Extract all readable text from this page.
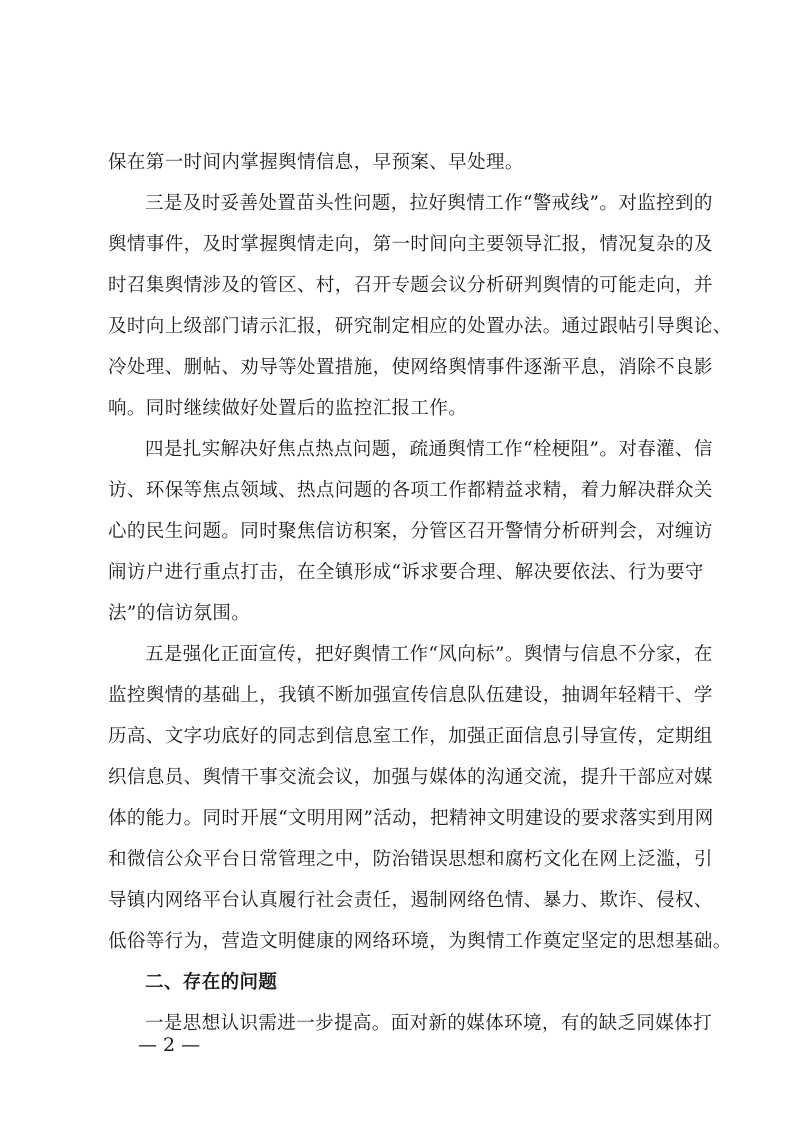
保在第一时间内掌握舆情信息，早预案、早处理。
三是及时妥善处置苗头性问题，拉好舆情工作“警戒线”。对监控到的
舆情事件，及时掌握舆情走向，第一时间向主要领导汇报，情况复杂的及
时召集舆情涉及的管区、村，召开专题会议分析研判舆情的可能走向，并
及时向上级部门请示汇报，研究制定相应的处置办法。通过跟帖引导舆论、
冷处理、删帖、劝导等处置措施，使网络舆情事件逐渐平息，消除不良影
响。同时继续做好处置后的监控汇报工作。
四是扎实解决好焦点热点问题，疏通舆情工作“栓梗阻”。对春灌、信
访、环保等焦点领域、热点问题的各项工作都精益求精，着力解决群众关
心的民生问题。同时聚焦信访积案，分管区召开警情分析研判会，对缠访
闹访户进行重点打击，在全镇形成“诉求要合理、解决要依法、行为要守
法”的信访氛围。
五是强化正面宣传，把好舆情工作“风向标”。舆情与信息不分家，在
监控舆情的基础上，我镇不断加强宣传信息队伍建设，抽调年轻精干、学
历高、文字功底好的同志到信息室工作，加强正面信息引导宣传，定期组
织信息员、舆情干事交流会议，加强与媒体的沟通交流，提升干部应对媒
体的能力。同时开展“文明用网”活动，把精神文明建设的要求落实到用网
和微信公众平台日常管理之中，防治错误思想和腐朽文化在网上泛滥，引
导镇内网络平台认真履行社会责任，遏制网络色情、暴力、欺诈、侵权、
低俗等行为，营造文明健康的网络环境，为舆情工作奠定坚定的思想基础。
二、存在的问题
一是思想认识需进一步提高。面对新的媒体环境，有的缺乏同媒体打
— 2 —
